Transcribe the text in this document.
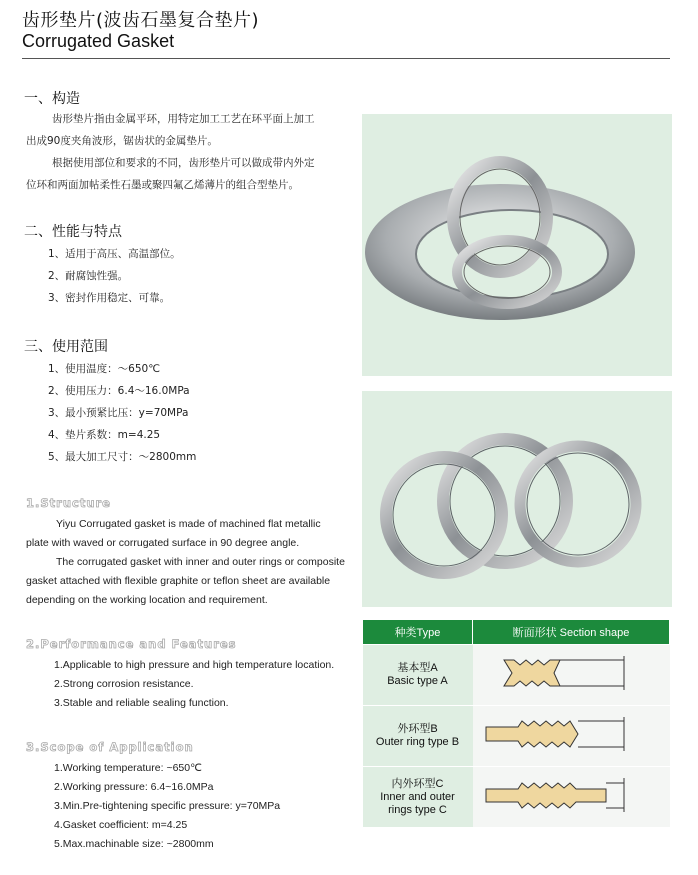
齿形垫片(波齿石墨复合垫片)
Corrugated Gasket
一、构造
齿形垫片指由金属平环，用特定加工工艺在环平面上加工
出成90度夹角波形，锯齿状的金属垫片。
根据使用部位和要求的不同，齿形垫片可以做成带内外定
位环和两面加帖柔性石墨或聚四氟乙烯薄片的组合型垫片。
二、性能与特点
1、适用于高压、高温部位。
2、耐腐蚀性强。
3、密封作用稳定、可靠。
三、使用范围
1、使用温度：～650℃
2、使用压力：6.4～16.0MPa
3、最小预紧比压：y=70MPa
4、垫片系数：m=4.25
5、最大加工尺寸：～2800mm
1.Structure
Yiyu Corrugated gasket is made of machined flat metallic
plate with waved or corrugated surface in 90 degree angle.
The corrugated gasket with inner and outer rings or composite
gasket attached with flexible graphite or teflon sheet are available
depending on the working location and requirement.
2.Performance and Features
1.Applicable to high pressure and high temperature location.
2.Strong corrosion resistance.
3.Stable and reliable sealing function.
3.Scope of Application
1.Working temperature: ~650℃
2.Working pressure: 6.4~16.0MPa
3.Min.Pre-tightening specific pressure: y=70MPa
4.Gasket coefficient: m=4.25
5.Max.machinable size: ~2800mm
种类Type	断面形状 Section shape

基本型A
Basic type A

外环型B
Outer ring type B

内外环型C
Inner and outer
rings type C
